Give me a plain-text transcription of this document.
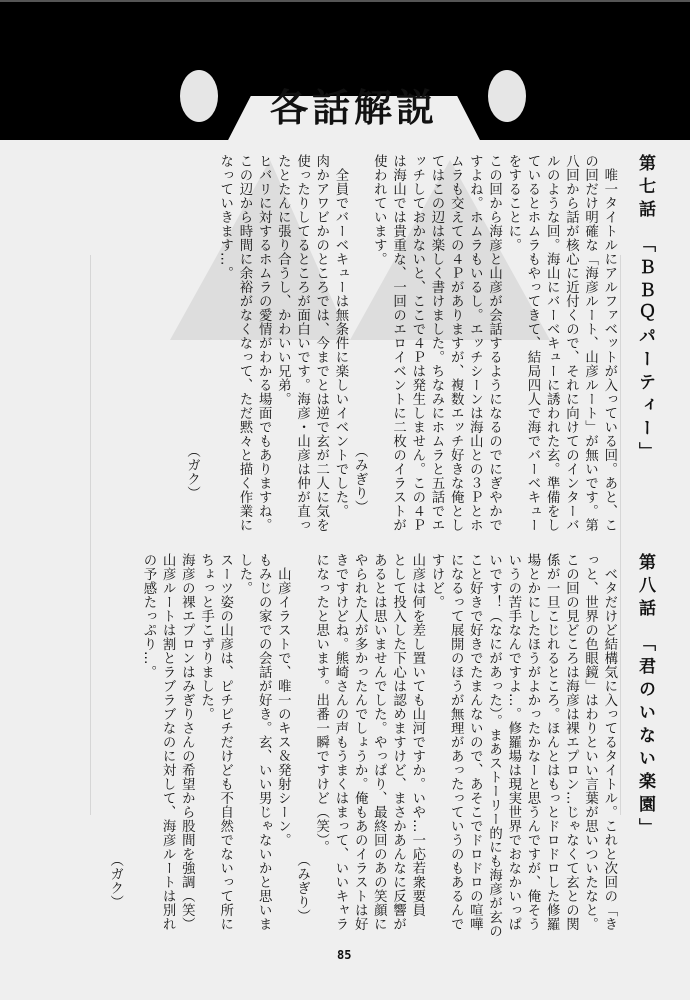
各話解説
第七話 「ＢＢＱパーティー」
　唯一タイトルにアルファベットが入っている回。あと、こ
の回だけ明確な「海彦ルート、山彦ルート」が無いです。第
八回から話が核心に近付くので、それに向けてのインターバ
ルのような回。海山にバーベキューに誘われた玄。準備をし
ているとホムラもやってきて、結局四人で海でバーベキュー
をすることに。
この回から海彦と山彦が会話するようになるのでにぎやかで
すよね。ホムラもいるし。エッチシーンは海山との３Ｐとホ
ムラも交えての４Ｐがありますが、複数エッチ好きな俺とし
てはこの辺は楽しく書けました。ちなみにホムラと五話でエ
ッチしておかないと、ここで４Ｐは発生しません。この４Ｐ
は海山では貴重な、一回のエロイベントに二枚のイラストが
使われています。
（みぎり）
　全員でバーベキューは無条件に楽しいイベントでした。
肉かアワビかのところでは、今までとは逆で玄が二人に気を
使ったりしてるところが面白いです。海彦・山彦は仲が直っ
たとたんに張り合うし、かわいい兄弟。
ヒバリに対するホムラの愛情がわかる場面でもありますね。
この辺から時間に余裕がなくなって、ただ黙々と描く作業に
なっていきます…。
（ガク）
第八話 「君のいない楽園」
　ベタだけど結構気に入ってるタイトル。これと次回の「き
っと、世界の色眼鏡」はわりといい言葉が思いついたなと。
この回の見どころは海彦は裸エプロン…じゃなくて玄との関
係が一旦こじれるところ。ほんとはもっとドロドロした修羅
場とかにしたほうがよかったかなーと思うんですが、俺そう
いうの苦手なんですよ…。修羅場は現実世界でおなかいっぱ
いです！（なにがあった）。まあストーリー的にも海彦が玄の
こと好きで好きでたまんないので、あそこでドロドロの喧嘩
になるって展開のほうが無理があったっていうのもあるんで
すけど。
山彦は何を差し置いても山河ですか。いや…一応若衆要員
として投入した下心は認めますけど、まさかあんなに反響が
あるとは思いませんでした。やっぱり、最終回のあの笑顔に
やられた人が多かったんでしょうか。俺もあのイラストは好
きですけどね。熊崎さんの声もうまくはまって、いいキャラ
になったと思います。出番一瞬ですけど（笑）。
（みぎり）
　山彦イラストで、唯一のキス＆発射シーン。
もみじの家での会話が好き。玄、いい男じゃないかと思いま
した。
スーツ姿の山彦は、ピチピチだけども不自然でないって所に
ちょっと手こずりました。
海彦の裸エプロンはみぎりさんの希望から股間を強調（笑）
山彦ルートは割とラブラブなのに対して、海彦ルートは別れ
の予感たっぷり…。
（ガク）
85
